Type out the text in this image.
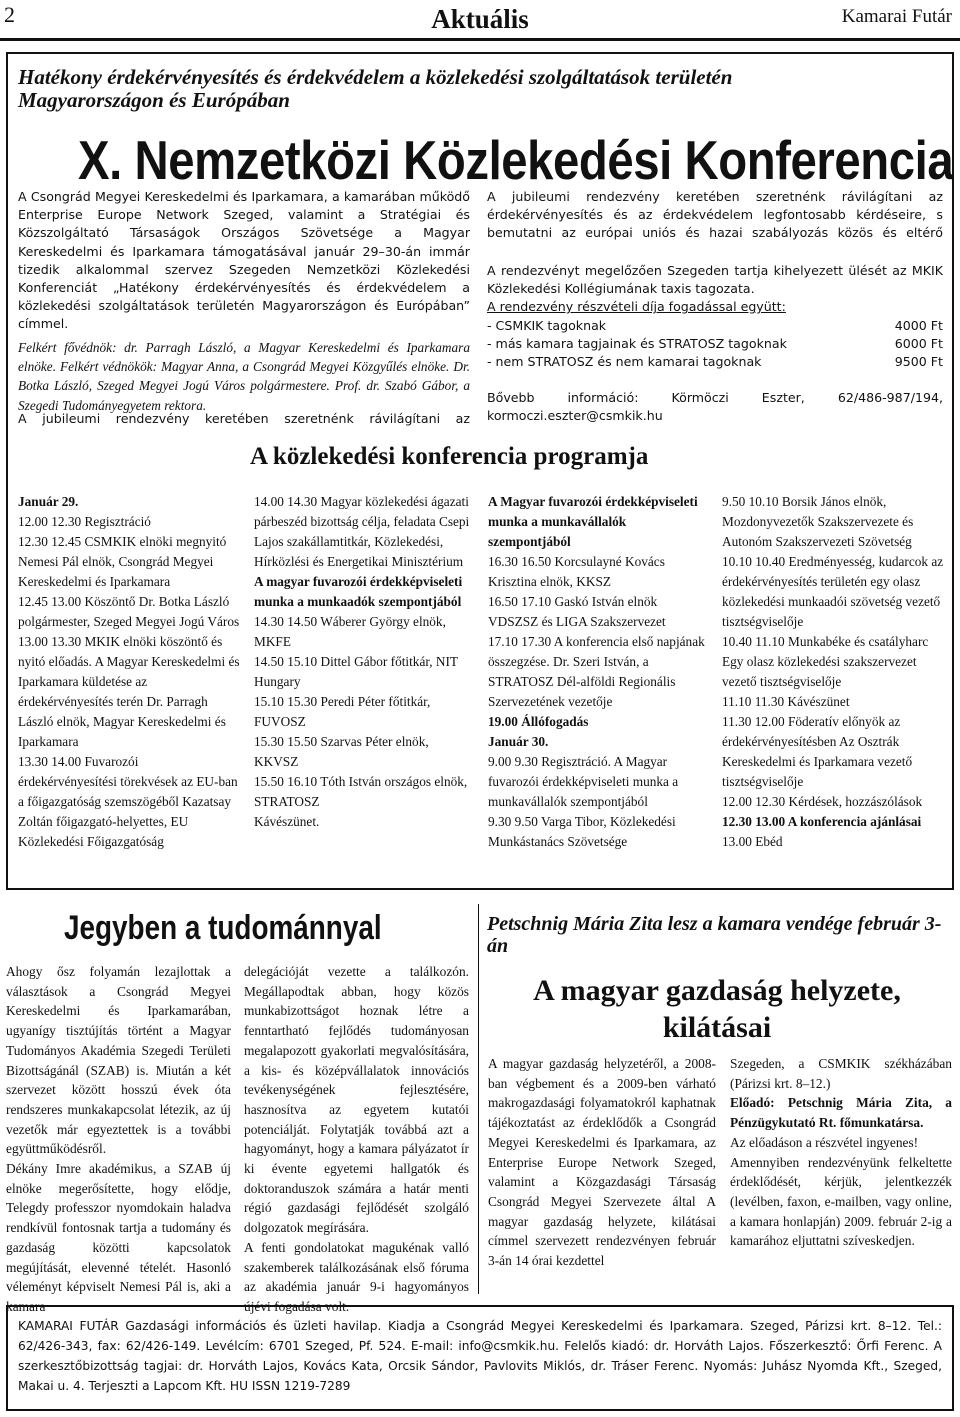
2	Aktuális	Kamarai Futár
Hatékony érdekérvényesítés és érdekvédelem a közlekedési szolgáltatások területén
Magyarországon és Európában
X. Nemzetközi Közlekedési Konferencia

A Csongrád Megyei Kereskedelmi és Iparkamara, a kamarában működő Enterprise Europe Network Szeged, valamint a Stratégiai és Közszolgáltató Társaságok Országos Szövetsége a Magyar Kereskedelmi és Iparkamara támogatásával január 29–30-án immár tizedik alkalommal szervez Szegeden Nemzetközi Közlekedési Konferenciát „Hatékony érdekérvényesítés és érdekvédelem a közlekedési szolgáltatások területén Magyarországon és Európában” címmel.

Felkért fővédnök: dr. Parragh László, a Magyar Kereskedelmi és Iparkamara elnöke. Felkért védnökök: Magyar Anna, a Csongrád Megyei Közgyűlés elnöke. Dr. Botka László, Szeged Megyei Jogú Város polgármestere. Prof. dr. Szabó Gábor, a Szegedi Tudományegyetem rektora.

A jubileumi rendezvény keretében szeretnénk rávilágítani az

A jubileumi rendezvény keretében szeretnénk rávilágítani az érdekérvényesítés és az érdekvédelem legfontosabb kérdéseire, s bemutatni az európai uniós és hazai szabályozás közös és eltérő

A rendezvényt megelőzően Szegeden tartja kihelyezett ülését az MKIK Közlekedési Kollégiumának taxis tagozata.

A rendezvény részvételi díja fogadással együtt:

- CSMKIK tagoknak	4000 Ft
- más kamara tagjainak és STRATOSZ tagoknak	6000 Ft
- nem STRATOSZ és nem kamarai tagoknak	9500 Ft

Bővebb információ: Körmöczi Eszter, 62/486-987/194, kormoczi.eszter@csmkik.hu

A közlekedési konferencia programja

Január 29.

12.00 12.30 Regisztráció

12.30 12.45 CSMKIK elnöki megnyitó Nemesi Pál elnök, Csongrád Megyei Kereskedelmi és Iparkamara

12.45 13.00 Köszöntő Dr. Botka László polgármester, Szeged Megyei Jogú Város

13.00 13.30 MKIK elnöki köszöntő és nyitó előadás. A Magyar Kereskedelmi és Iparkamara küldetése az érdekérvényesítés terén Dr. Parragh László elnök, Magyar Kereskedelmi és Iparkamara

13.30 14.00 Fuvarozói érdekérvényesítési törekvések az EU-ban a főigazgatóság szemszögéből Kazatsay Zoltán főigazgató-helyettes, EU Közlekedési Főigazgatóság

14.00 14.30 Magyar közlekedési ágazati párbeszéd bizottság célja, feladata Csepi Lajos szakállamtitkár, Közlekedési, Hírközlési és Energetikai Minisztérium

A magyar fuvarozói érdekképviseleti munka a munkaadók szempontjából

14.30 14.50 Wáberer György elnök, MKFE

14.50 15.10 Dittel Gábor főtitkár, NIT Hungary

15.10 15.30 Peredi Péter főtitkár, FUVOSZ

15.30 15.50 Szarvas Péter elnök, KKVSZ

15.50 16.10 Tóth István országos elnök, STRATOSZ

Kávészünet.

A Magyar fuvarozói érdekképviseleti munka a munkavállalók szempontjából

16.30 16.50 Korcsulayné Kovács Krisztina elnök, KKSZ

16.50 17.10 Gaskó István elnök VDSZSZ és LIGA Szakszervezet

17.10 17.30 A konferencia első napjának összegzése. Dr. Szeri István, a STRATOSZ Dél-alföldi Regionális Szervezetének vezetője

19.00 Állófogadás

Január 30.

9.00 9.30 Regisztráció. A Magyar fuvarozói érdekképviseleti munka a munkavállalók szempontjából

9.30 9.50 Varga Tibor, Közlekedési Munkástanács Szövetsége

9.50 10.10 Borsik János elnök, Mozdonyvezetők Szakszervezete és Autonóm Szakszervezeti Szövetség

10.10 10.40 Eredményesség, kudarcok az érdekérvényesítés területén egy olasz közlekedési munkaadói szövetség vezető tisztségviselője

10.40 11.10 Munkabéke és csatályharc Egy olasz közlekedési szakszervezet vezető tisztségviselője

11.10 11.30 Kávészünet

11.30 12.00 Föderatív előnyök az érdekérvényesítésben Az Osztrák Kereskedelmi és Iparkamara vezető tisztségviselője

12.00 12.30 Kérdések, hozzászólások

12.30 13.00 A konferencia ajánlásai

13.00 Ebéd

Jegyben a tudománnyal

Ahogy ősz folyamán lezajlottak a választások a Csongrád Megyei Kereskedelmi és Iparkamarában, ugyanígy tisztújítás történt a Magyar Tudományos Akadémia Szegedi Területi Bizottságánál (SZAB) is. Miután a két szervezet között hosszú évek óta rendszeres munkakapcsolat létezik, az új vezetők már egyeztettek is a további együttműködésről.

Dékány Imre akadémikus, a SZAB új elnöke megerősítette, hogy elődje, Telegdy professzor nyomdokain haladva rendkívül fontosnak tartja a tudomány és gazdaság közötti kapcsolatok megújítását, elevenné tételét. Hasonló véleményt képviselt Nemesi Pál is, aki a kamara

delegációját vezette a találkozón. Megállapodtak abban, hogy közös munkabizottságot hoznak létre a fenntartható fejlődés tudományosan megalapozott gyakorlati megvalósítására, a kis- és középvállalatok innovációs tevékenységének fejlesztésére, hasznosítva az egyetem kutatói potenciálját. Folytatják továbbá azt a hagyományt, hogy a kamara pályázatot ír ki évente egyetemi hallgatók és doktoranduszok számára a határ menti régió gazdasági fejlődését szolgáló dolgozatok megírására.

A fenti gondolatokat magukénak valló szakemberek találkozásának első fóruma az akadémia január 9-i hagyományos újévi fogadása volt.

Petschnig Mária Zita lesz a kamara vendége február 3-án
A magyar gazdaság helyzete, kilátásai

A magyar gazdaság helyzetéről, a 2008-ban végbement és a 2009-ben várható makrogazdasági folyamatokról kaphatnak tájékoztatást az érdeklődők a Csongrád Megyei Kereskedelmi és Iparkamara, az Enterprise Europe Network Szeged, valamint a Közgazdasági Társaság Csongrád Megyei Szervezete által A magyar gazdaság helyzete, kilátásai címmel szervezett rendezvényen február 3-án 14 órai kezdettel

Szegeden, a CSMKIK székházában (Párizsi krt. 8–12.)

Előadó: Petschnig Mária Zita, a Pénzügykutató Rt. főmunkatársa.

Az előadáson a részvétel ingyenes!

Amennyiben rendezvényünk felkeltette érdeklődését, kérjük, jelentkezzék (levélben, faxon, e-mailben, vagy online, a kamara honlapján) 2009. február 2-ig a kamarához eljuttatni szíveskedjen.

KAMARAI FUTÁR Gazdasági információs és üzleti havilap. Kiadja a Csongrád Megyei Kereskedelmi és Iparkamara. Szeged, Párizsi krt. 8–12. Tel.: 62/426-343, fax: 62/426-149. Levélcím: 6701 Szeged, Pf. 524. E-mail: info@csmkik.hu. Felelős kiadó: dr. Horváth Lajos. Főszerkesztő: Őrfi Ferenc. A szerkesztőbizottság tagjai: dr. Horváth Lajos, Kovács Kata, Orcsik Sándor, Pavlovits Miklós, dr. Tráser Ferenc. Nyomás: Juhász Nyomda Kft., Szeged, Makai u. 4. Terjeszti a Lapcom Kft. HU ISSN 1219-7289
